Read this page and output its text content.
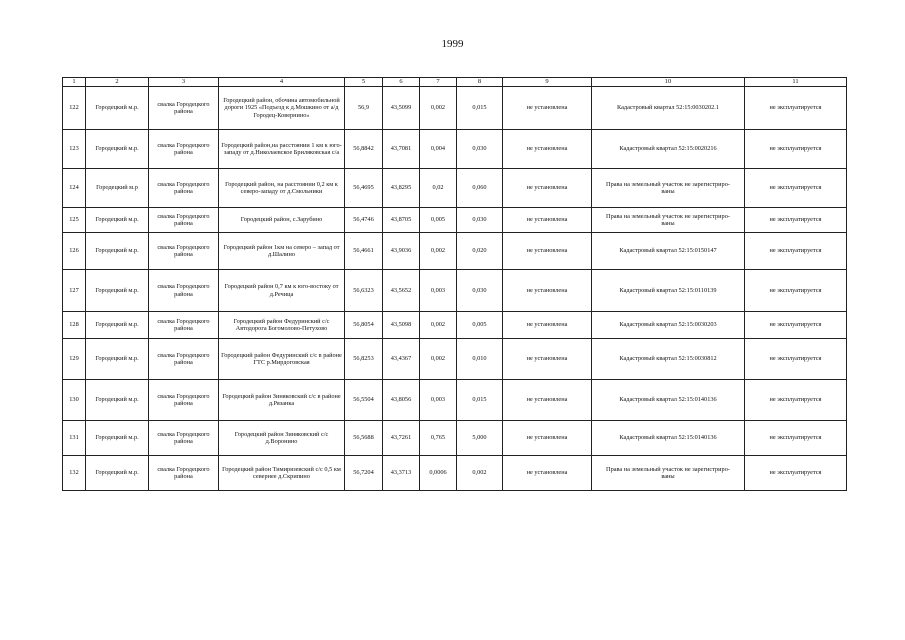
1999
1	2	3	4	5	6	7	8	9	10	11
122	Городецкий м.р.	свалка Городецкого района	Городецкий район, обочина автомобильной
дороги 1925 «Подъезд к д.Мошкино от а/д
Городец-Ковернино»	56,9	43,5099	0,002	0,015	не установлена	Кадастровый квартал 52:15:0030202.1	не эксплуатируется
123	Городецкий м.р.	свалка Городецкого района	Городецкий район,на расстоянии 1 км к юго-
западу от д.Николаевское Бриляковская с/а	56,8842	43,7081	0,004	0,030	не установлена	Кадастровый квартал 52:15:0020216	не эксплуатируется
124	Городецкий м.р	свалка Городецкого района	Городецкий район, на расстоянии 0,2 км к
северо-западу от д.Смольники	56,4695	43,8295	0,02	0,060	не установлена	Права на земельный участок не зарегистриро-
ваны	не эксплуатируется
125	Городецкий м.р.	свалка Городецкого района	Городецкий район, с.Зарубино	56,4746	43,8705	0,005	0,030	не установлена	Права на земельный участок не зарегистриро-
ваны	не эксплуатируется
126	Городецкий м.р.	свалка Городецкого района	Городецкий район 1км на северо – запад от
д.Шалино	56,4661	43,9036	0,002	0,020	не установлена	Кадастровый квартал 52:15:0150147	не эксплуатируется
127	Городецкий м.р.	свалка Городецкого района	Городецкий район 0,7 км к юго-востоку от
д.Речица	56,6323	43,5652	0,003	0,030	не установлена	Кадастровый квартал 52:15:0110139	не эксплуатируется
128	Городецкий м.р.	свалка Городецкого района	Городецкий район Федуринский с/с
Автодорога Богомолово-Петухово	56,8054	43,5098	0,002	0,005	не установлена	Кадастровый квартал 52:15:0030203	не эксплуатируется
129	Городецкий м.р.	свалка Городецкого района	Городецкий район Федуринский с/с в районе
ГТС р.Мирдоговская	56,8253	43,4367	0,002	0,010	не установлена	Кадастровый квартал 52:15:0030812	не эксплуатируется
130	Городецкий м.р.	свалка Городецкого района	Городецкий район Зиняковский с/с в районе
д.Рязанка	56,5504	43,8056	0,003	0,015	не установлена	Кадастровый квартал 52:15:0140136	не эксплуатируется
131	Городецкий м.р.	свалка Городецкого района	Городецкий район Зиняковский с/с
д.Воронино	56,5688	43,7261	0,765	5,000	не установлена	Кадастровый квартал 52:15:0140136	не эксплуатируется
132	Городецкий м.р.	свалка Городецкого района	Городецкий район Тимирязевский с/с 0,5 км
севернее д.Скрипино	56,7204	43,3713	0,0006	0,002	не установлена	Права на земельный участок не зарегистриро-
ваны	не эксплуатируется
